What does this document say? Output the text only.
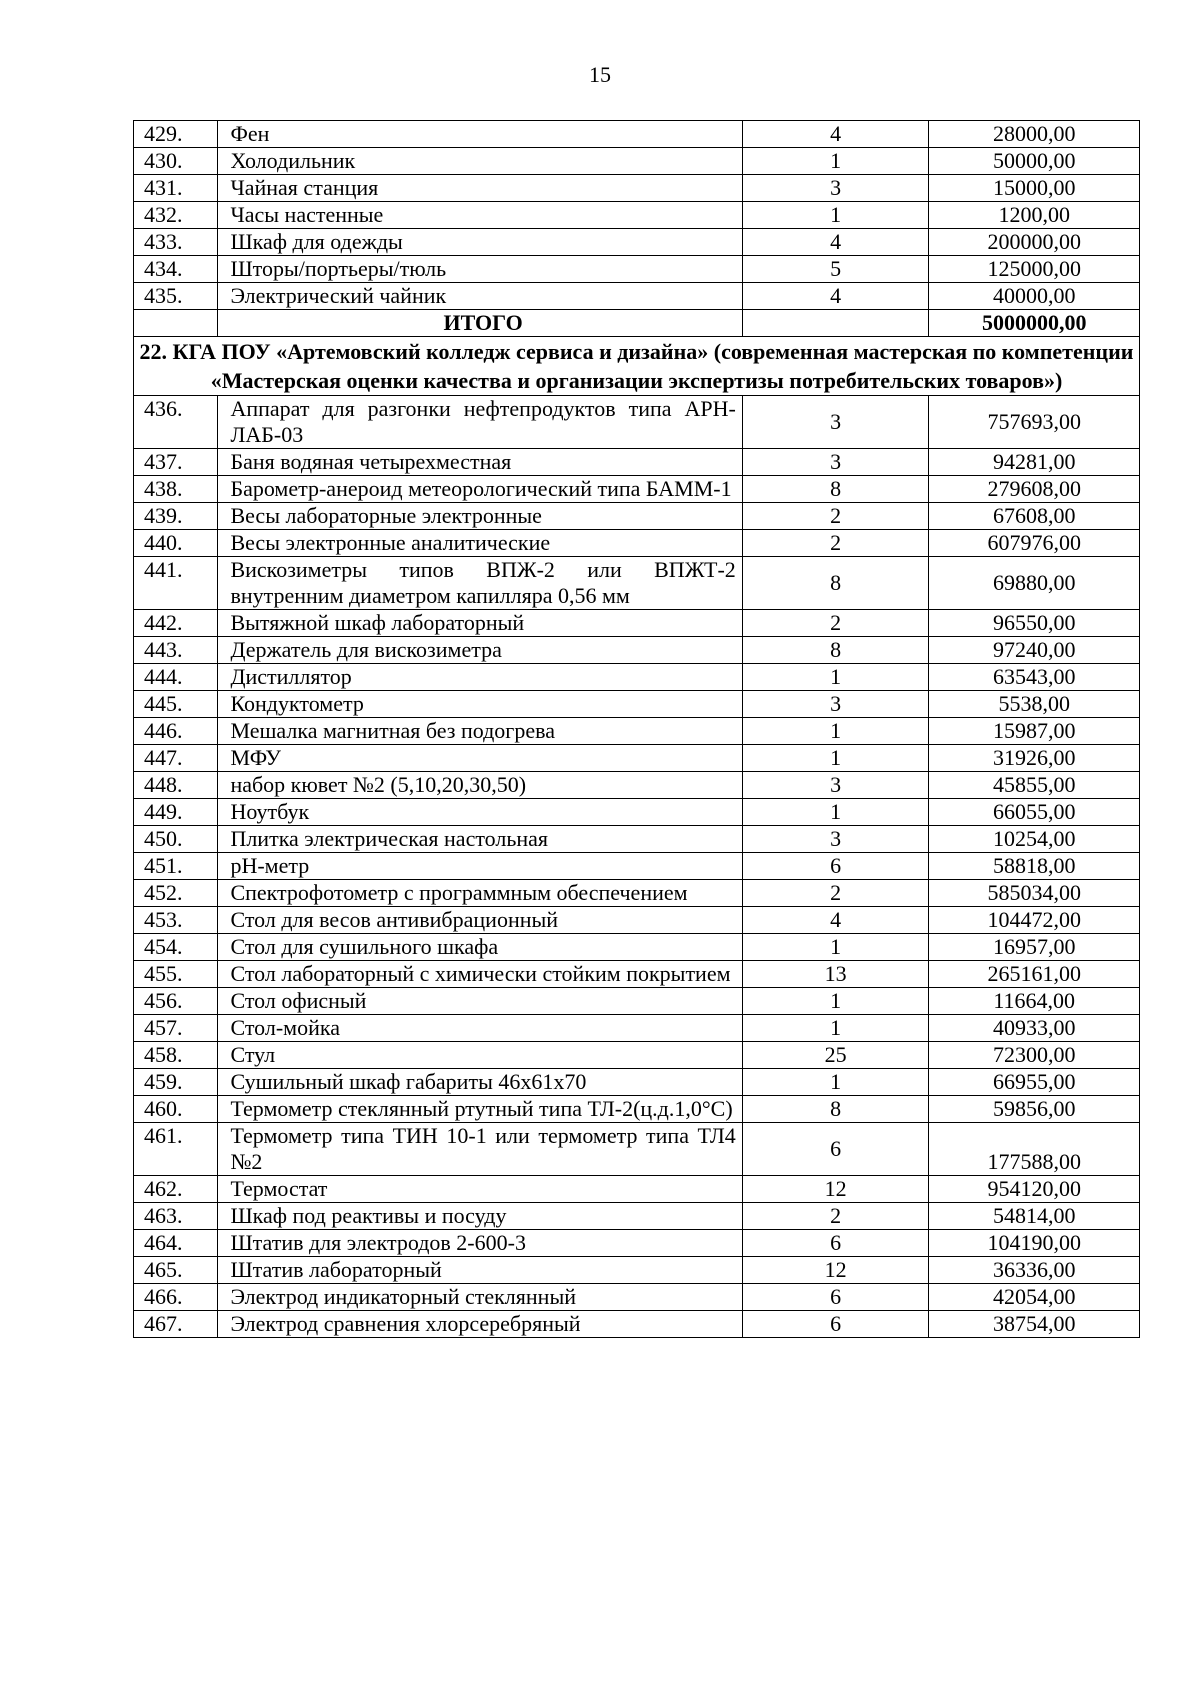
15
429.	Фен	4	28000,00
430.	Холодильник	1	50000,00
431.	Чайная станция	3	15000,00
432.	Часы настенные	1	1200,00
433.	Шкаф для одежды	4	200000,00
434.	Шторы/портьеры/тюль	5	125000,00
435.	Электрический чайник	4	40000,00
	ИТОГО		5000000,00
22. КГА ПОУ «Артемовский колледж сервиса и дизайна» (современная мастерская по компетенции «Мастерская оценки качества и организации экспертизы потребительских товаров»)			
436.	Аппарат для разгонки нефтепродуктов типа АРН-ЛАБ-03	3	757693,00
437.	Баня водяная четырехместная	3	94281,00
438.	Барометр-анероид метеорологический типа БАММ-1	8	279608,00
439.	Весы лабораторные электронные	2	67608,00
440.	Весы электронные аналитические	2	607976,00
441.	Вискозиметры типов ВПЖ-2 или ВПЖТ-2 внутренним диаметром капилляра 0,56 мм	8	69880,00
442.	Вытяжной шкаф лабораторный	2	96550,00
443.	Держатель для вискозиметра	8	97240,00
444.	Дистиллятор	1	63543,00
445.	Кондуктометр	3	5538,00
446.	Мешалка магнитная без подогрева	1	15987,00
447.	МФУ	1	31926,00
448.	набор кювет №2 (5,10,20,30,50)	3	45855,00
449.	Ноутбук	1	66055,00
450.	Плитка электрическая настольная	3	10254,00
451.	pH-метр	6	58818,00
452.	Спектрофотометр с программным обеспечением	2	585034,00
453.	Стол для весов антивибрационный	4	104472,00
454.	Стол для сушильного шкафа	1	16957,00
455.	Стол лабораторный с химически стойким покрытием	13	265161,00
456.	Стол офисный	1	11664,00
457.	Стол-мойка	1	40933,00
458.	Стул	25	72300,00
459.	Сушильный шкаф габариты 46х61х70	1	66955,00
460.	Термометр стеклянный ртутный типа ТЛ-2(ц.д.1,0°С)	8	59856,00
461.	Термометр типа ТИН 10-1 или термометр типа ТЛ4 №2	6	177588,00
462.	Термостат	12	954120,00
463.	Шкаф под реактивы и посуду	2	54814,00
464.	Штатив для электродов 2-600-3	6	104190,00
465.	Штатив лабораторный	12	36336,00
466.	Электрод индикаторный стеклянный	6	42054,00
467.	Электрод сравнения хлорсеребряный	6	38754,00
